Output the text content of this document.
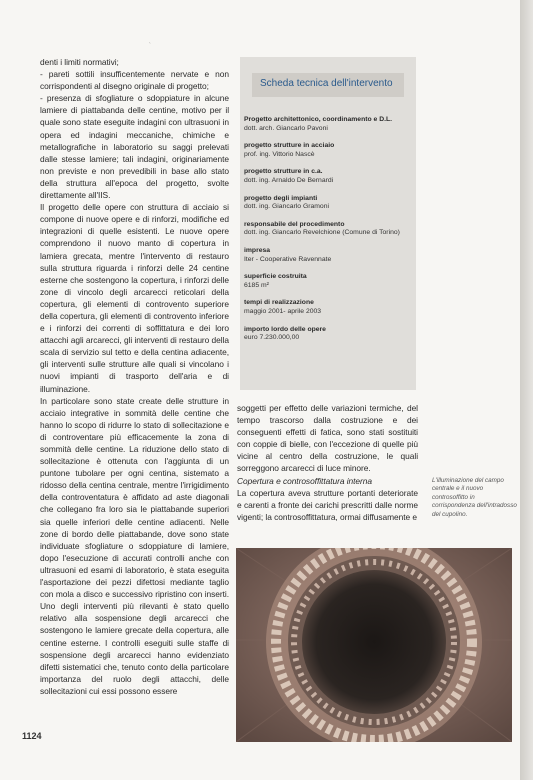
ˎ

denti i limiti normativi;

- pareti sottili insufficentemente nervate e non corrispondenti al disegno originale di progetto;

- presenza di sfogliature o sdoppiature in alcune lamiere di piattabanda delle centine, motivo per il quale sono state eseguite indagini con ultrasuoni in opera ed indagini meccaniche, chimiche e metallografiche in laboratorio su saggi prelevati dalle stesse lamiere; tali indagini, originariamente non previste e non prevedibili in base allo stato della struttura all'epoca del progetto, svolte direttamente all'IIS.

Il progetto delle opere con struttura di acciaio si compone di nuove opere e di rinforzi, modifiche ed integrazioni di quelle esistenti. Le nuove opere comprendono il nuovo manto di copertura in lamiera grecata, mentre l'intervento di restauro sulla struttura riguarda i rinforzi delle 24 centine esterne che sostengono la copertura, i rinforzi delle zone di vincolo degli arcarecci reticolari della copertura, gli elementi di controvento superiore della copertura, gli elementi di controvento inferiore e i rinforzi dei correnti di soffittatura e dei loro attacchi agli arcarecci, gli interventi di restauro della scala di servizio sul tetto e della centina adiacente, gli interventi sulle strutture alle quali si vincolano i nuovi impianti di trasporto dell'aria e di illuminazione.

In particolare sono state create delle strutture in acciaio integrative in sommità delle centine che hanno lo scopo di ridurre lo stato di sollecitazione e di controventare più efficacemente la zona di sommità delle centine. La riduzione dello stato di sollecitazione è ottenuta con l'aggiunta di un puntone tubolare per ogni centina, sistemato a ridosso della centina centrale, mentre l'irrigidimento della controventatura è affidato ad aste diagonali che collegano fra loro sia le piattabande superiori sia quelle inferiori delle centine adiacenti. Nelle zone di bordo delle piattabande, dove sono state individuate sfogliature o sdoppiature di lamiere, dopo l'esecuzione di accurati controlli anche con ultrasuoni ed esami di laboratorio, è stata eseguita l'asportazione dei pezzi difettosi mediante taglio con mola a disco e successivo ripristino con inserti. Uno degli interventi più rilevanti è stato quello relativo alla sospensione degli arcarecci che sostengono le lamiere grecate della copertura, alle centine esterne. I controlli eseguiti sulle staffe di sospensione degli arcarecci hanno evidenziato difetti sistematici che, tenuto conto della particolare importanza del ruolo degli attacchi, delle sollecitazioni cui essi possono essere

Scheda tecnica dell'intervento
Progetto architettonico, coordinamento e D.L.
dott. arch. Giancarlo Pavoni
progetto strutture in acciaio
prof. ing. Vittorio Nascè
progetto strutture in c.a.
dott. ing. Arnaldo De Bernardi
progetto degli impianti
dott. ing. Giancarlo Gramoni
responsabile del procedimento
dott. ing. Giancarlo Revelchione (Comune di Torino)
impresa
Iter - Cooperative Ravennate
superficie costruita
6185 m²
tempi di realizzazione
maggio 2001- aprile 2003
importo lordo delle opere
euro 7.230.000,00

soggetti per effetto delle variazioni termiche, del tempo trascorso dalla costruzione e dei conseguenti effetti di fatica, sono stati sostituiti con coppie di bielle, con l'eccezione di quelle più vicine al centro della costruzione, le quali sorreggono arcarecci di luce minore.

Copertura e controsoffittatura interna

La copertura aveva strutture portanti deteriorate e carenti a fronte dei carichi prescritti dalle norme vigenti; la controsoffittatura, ormai diffusamente e

L'illuminazione del campo centrale e il nuovo controsoffitto in corrispondenza dell'intradosso del cupolino.
1124
